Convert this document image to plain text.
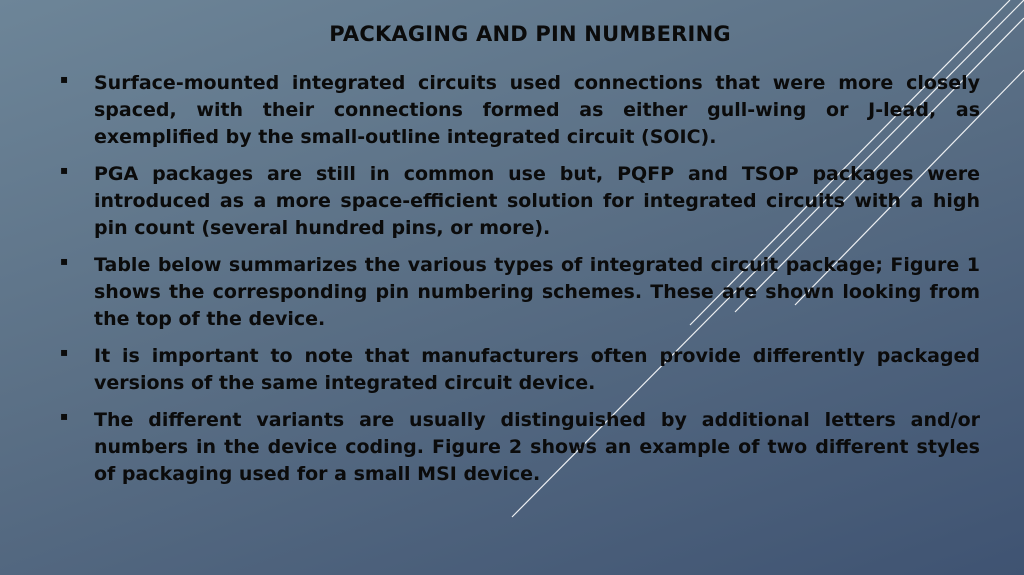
PACKAGING AND PIN NUMBERING
▪ Surface-mounted integrated circuits used connections that were more closely spaced, with their connections formed as either gull-wing or J-lead, as exemplified by the small-outline integrated circuit (SOIC).
▪ PGA packages are still in common use but, PQFP and TSOP packages were introduced as a more space-efficient solution for integrated circuits with a high pin count (several hundred pins, or more).
▪ Table below summarizes the various types of integrated circuit package; Figure 1 shows the corresponding pin numbering schemes. These are shown looking from the top of the device.
▪ It is important to note that manufacturers often provide differently packaged versions of the same integrated circuit device.
▪ The different variants are usually distinguished by additional letters and/or numbers in the device coding. Figure 2 shows an example of two different styles of packaging used for a small MSI device.
